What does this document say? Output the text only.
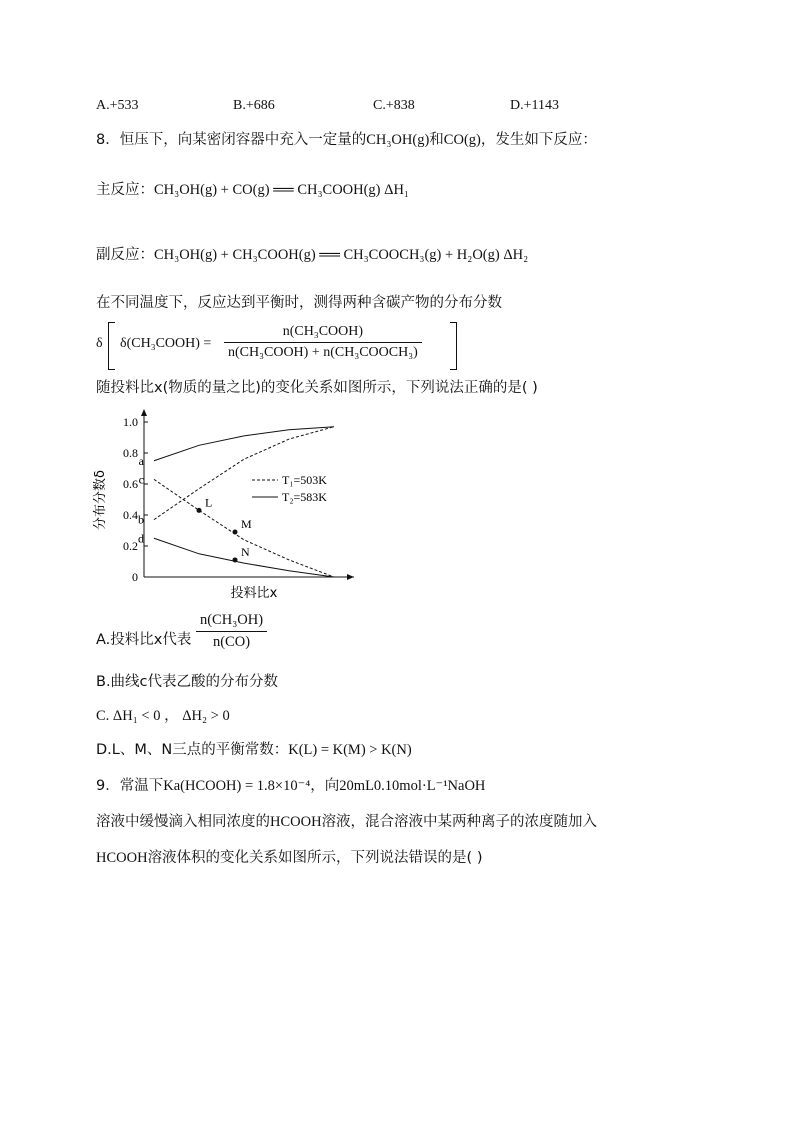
A.+533	B.+686	C.+838	D.+1143
8．恒压下，向某密闭容器中充入一定量的CH₃OH(g)和CO(g)，发生如下反应：
主反应：CH₃OH(g) + CO(g) ══ CH₃COOH(g) ΔH₁
副反应：CH₃OH(g) + CH₃COOH(g) ══ CH₃COOCH₃(g) + H₂O(g) ΔH₂
在不同温度下，反应达到平衡时，测得两种含碳产物的分布分数
δ δ(CH₃COOH) =
n(CH₃COOH)
n(CH₃COOH) + n(CH₃COOCH₃)
随投料比x(物质的量之比)的变化关系如图所示，下列说法正确的是( )
0
0.2
0.4
0.6
0.8
1.0
分布分数δ
投料比x
a
b
c
d
L
M
N
T₁=503K
T₂=583K
A.投料比x代表 $\frac{\text{n(CH₃OH)}}{n(CO)}$
B.曲线c代表乙酸的分布分数
C. ΔH₁ < 0 ， ΔH₂ > 0
D.L、M、N三点的平衡常数：K(L) = K(M) > K(N)
9．常温下Ka(HCOOH) = 1.8×10⁻⁴，向20mL0.10mol·L⁻¹NaOH
溶液中缓慢滴入相同浓度的HCOOH溶液，混合溶液中某两种离子的浓度随加入
HCOOH溶液体积的变化关系如图所示，下列说法错误的是( )
